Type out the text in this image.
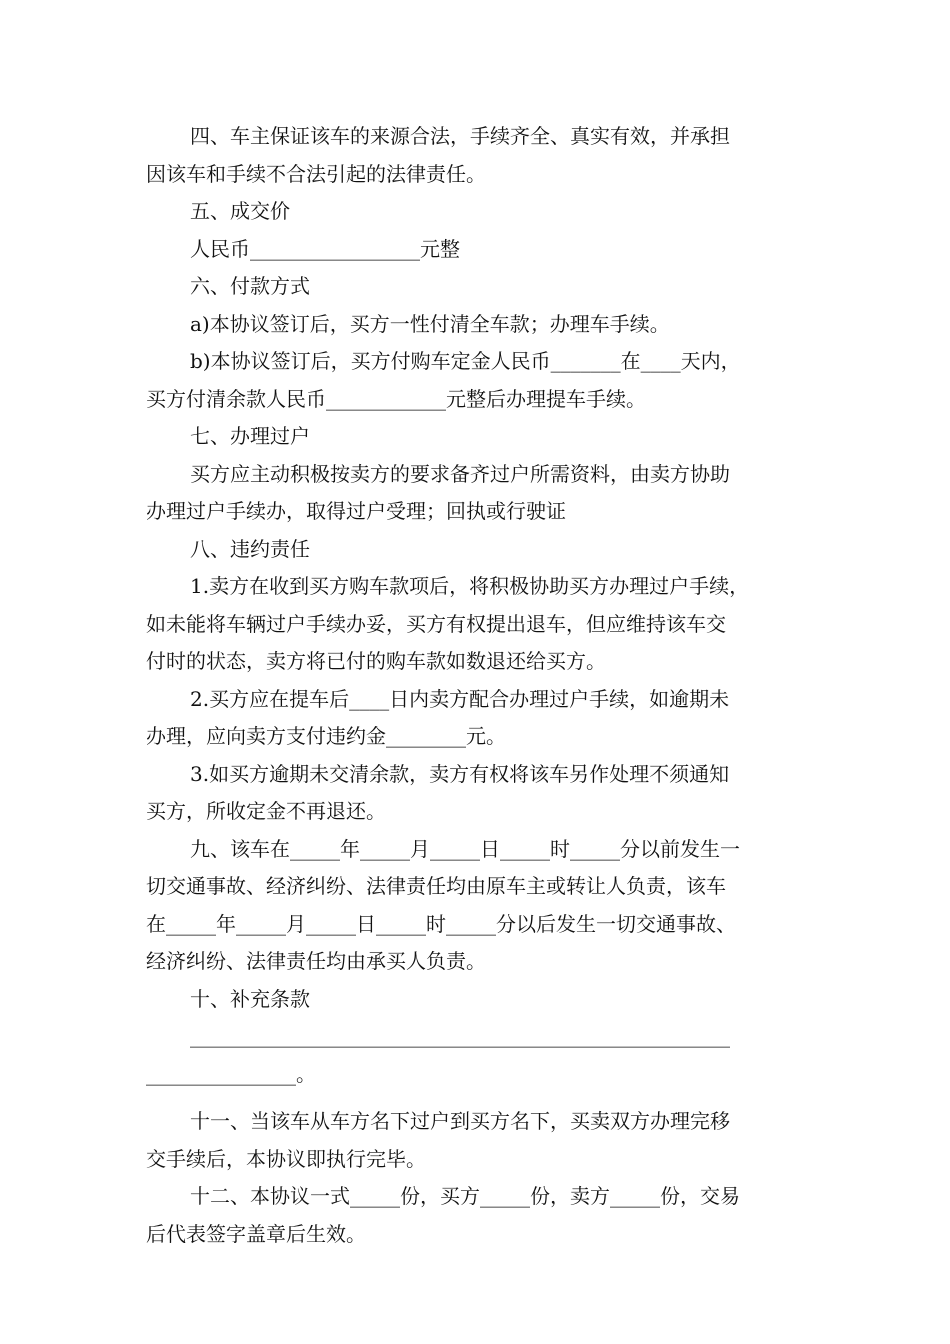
四、车主保证该车的来源合法，手续齐全、真实有效，并承担

因该车和手续不合法引起的法律责任。

五、成交价

人民币_________________元整

六、付款方式

a)本协议签订后，买方一性付清全车款；办理车手续。

b)本协议签订后，买方付购车定金人民币_______在____天内，

买方付清余款人民币____________元整后办理提车手续。

七、办理过户

买方应主动积极按卖方的要求备齐过户所需资料，由卖方协助

办理过户手续办，取得过户受理；回执或行驶证

八、违约责任

1.卖方在收到买方购车款项后，将积极协助买方办理过户手续，

如未能将车辆过户手续办妥，买方有权提出退车，但应维持该车交

付时的状态，卖方将已付的购车款如数退还给买方。

2.买方应在提车后____日内卖方配合办理过户手续，如逾期未

办理，应向卖方支付违约金________元。

3.如买方逾期未交清余款，卖方有权将该车另作处理不须通知

买方，所收定金不再退还。

九、该车在_____年_____月_____日_____时_____分以前发生一

切交通事故、经济纠纷、法律责任均由原车主或转让人负责，该车

在_____年_____月_____日_____时_____分以后发生一切交通事故、

经济纠纷、法律责任均由承买人负责。

十、补充条款

______________________________________________________

_______________。

十一、当该车从车方名下过户到买方名下，买卖双方办理完移

交手续后，本协议即执行完毕。

十二、本协议一式_____份，买方_____份，卖方_____份，交易

后代表签字盖章后生效。
